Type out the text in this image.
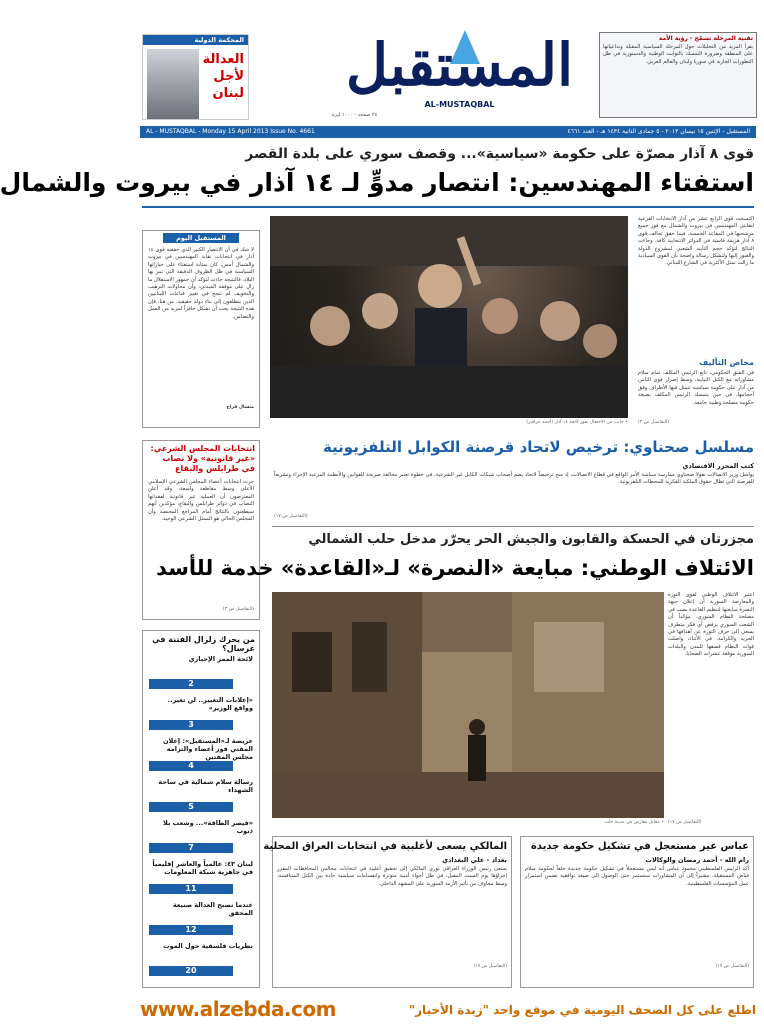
تقنية المرحلة تسمّح - رؤية الأمة
يقرأ المزيد من التحليلات حول المرحلة السياسية المقبلة وتداعياتها على المنطقة وضرورة التمسك بالثوابت الوطنية والدستورية في ظل التطورات الجارية في سوريا ولبنان والعالم العربي.
المستقبل
AL-MUSTAQBAL
٢٤ صفحة - ١٠٠٠ ليرة
المحكمة الدولية
العدالة
لأجل
لبنان
AL - MUSTAQBAL - Monday 15 April 2013 Issue No. 4661	المستقبل - الإثنين ١٥ نيسان ٢٠١٣ - ٥ جمادى الثانية ١٤٣٤ هـ - العدد ٤٦٦١
قوى ٨ آذار مصرّة على حكومة «سياسية»... وقصف سوري على بلدة القصر
استفتاء المهندسين: انتصار مدوٍّ لـ ١٤ آذار في بيروت والشمال
اكتسحت قوى الرابع عشر من آذار الانتخابات الفرعية لنقابتي المهندسين في بيروت والشمال مع فوز جميع مرشحيها في المقاعد الخمسة، فيما حقق تحالف قوى ٨ آذار هزيمة قاسية في الدوائر الانتخابية كافة. وجاءت النتائج لتؤكد حجم التأييد الشعبي لمشروع الدولة والعبور إليها ولتشكل رسالة واضحة بأن القوى السيادية ما زالت تمثل الأكثرية في الشارع اللبناني.
مخاض التأليف
في الشق الحكومي، تابع الرئيس المكلف تمام سلام مشاوراته مع الكتل النيابية، وسط إصرار قوى الثامن من آذار على حكومة سياسية تتمثل فيها الأطراف وفق أحجامها، في حين يتمسك الرئيس المكلف بصيغة حكومة مصلحة وطنية جامعة.
(التفاصيل ص ٢)
• جانب من الاحتفال بفوز لائحة ١٤ آذار (أحمد عزاقير)
المستقبل اليوم
لا شك في أن الانتصار الكبير الذي حققته قوى ١٤ آذار في انتخابات نقابة المهندسين في بيروت والشمال أمس، كان بمثابة استفتاء على خياراتها السياسية في ظل الظروف الدقيقة التي تمر بها البلاد. فالنتيجة جاءت لتؤكد أن جمهور الاستقلال ما زال على موقفه المبدئي، وأن محاولات الترهيب والتخويف لم تنجح في تغيير قناعات اللبنانيين الذين يتطلعون إلى بناء دولة حقيقية. من هنا، فإن هذه النتيجة يجب أن تشكل حافزاً لمزيد من العمل والتضامن.
ميشال فراح
مسلسل صحناوي: ترخيص لاتحاد قرصنة الكوابل التلفزيونية
كتب المحرر الاقتصادي
يواصل وزير الاتصالات نقولا صحناوي ممارسة سياسة الأمر الواقع في قطاع الاتصالات، إذ منح ترخيصاً لاتحاد يضم أصحاب شبكات الكابل غير الشرعية، في خطوة تعتبر مخالفة صريحة للقوانين والأنظمة المرعية الإجراء وتشريعاً للقرصنة التي تطال حقوق الملكية الفكرية للمحطات التلفزيونية.
(التفاصيل ص ١٧)
انتخابات المجلس الشرعي: «غير قانونية» ولا نصاب في طرابلس والبقاع
جرت انتخابات أعضاء المجلس الشرعي الإسلامي الأعلى وسط مقاطعة واسعة، وقد أعلن المعترضون أن العملية غير قانونية لفقدانها النصاب في دوائر طرابلس والبقاع، مؤكدين أنهم سيطعنون بالنتائج أمام المراجع المختصة وأن المجلس الحالي هو الممثل الشرعي الوحيد.
(التفاصيل ص ٣)
مجزرتان في الحسكة والقابون والجيش الحر يحرّر مدخل حلب الشمالي
الائتلاف الوطني: مبايعة «النصرة» لـ«القاعدة» خدمة للأسد
اعتبر الائتلاف الوطني لقوى الثورة والمعارضة السورية أن إعلان جبهة النصرة مبايعتها لتنظيم القاعدة يصب في مصلحة النظام السوري، مؤكداً أن الشعب السوري يرفض أي فكر متطرف يسعى إلى حرف الثورة عن أهدافها في الحرية والكرامة. في الأثناء، واصلت قوات النظام قصفها للمدن والبلدات السورية موقعة عشرات الضحايا.
(التفاصيل ص ١٧)
• مقاتل معارض في مدينة حلب
من يحرك زلزال الفتنة في عرسال؟
لائحة الممر الإجباري
2
«إعلانات التغيير.. لن تغير.. وواقع الوزير»
3
عريضة لـ«المستقبل»: إعلان المفتي فوز أعضاء والتزامه مجلس المفتين
4
رسالة سلام شمالية في ساحة الشهداء
5
«فيصر الطاقة»... وشعب بلا ذنوب
7
لبنان ٤٣: عالمياً والعاشر إقليمياً في جاهزية شبكة المعلومات
11
عندما تصبح العدالة صنيعة المحقق
12
نظريات فلسفية حول الموت
20
المالكي يسعى لأغلبية في انتخابات العراق المحلية
بغداد - علي البغدادي
يسعى رئيس الوزراء العراقي نوري المالكي إلى تحقيق أغلبية في انتخابات مجالس المحافظات المقرر إجراؤها يوم السبت المقبل، في ظل أجواء أمنية متوترة وانقسامات سياسية حادة بين الكتل المتنافسة، وسط مخاوف من تأثير الأزمة السورية على المشهد الداخلي.
(التفاصيل ص ١٧)
عباس غير مستعجل في تشكيل حكومة جديدة
رام الله - أحمد رمضان والوكالات
أكد الرئيس الفلسطيني محمود عباس أنه ليس مستعجلاً في تشكيل حكومة جديدة خلفاً لحكومة سلام فياض المستقيلة، مشيراً إلى أن المشاورات ستستمر حتى الوصول إلى صيغة توافقية تضمن استمرار عمل المؤسسات الفلسطينية.
(التفاصيل ص ١٧)
www.alzebda.com	اطلع على كل الصحف اليومية في موقع واحد "زبدة الأخبار"
